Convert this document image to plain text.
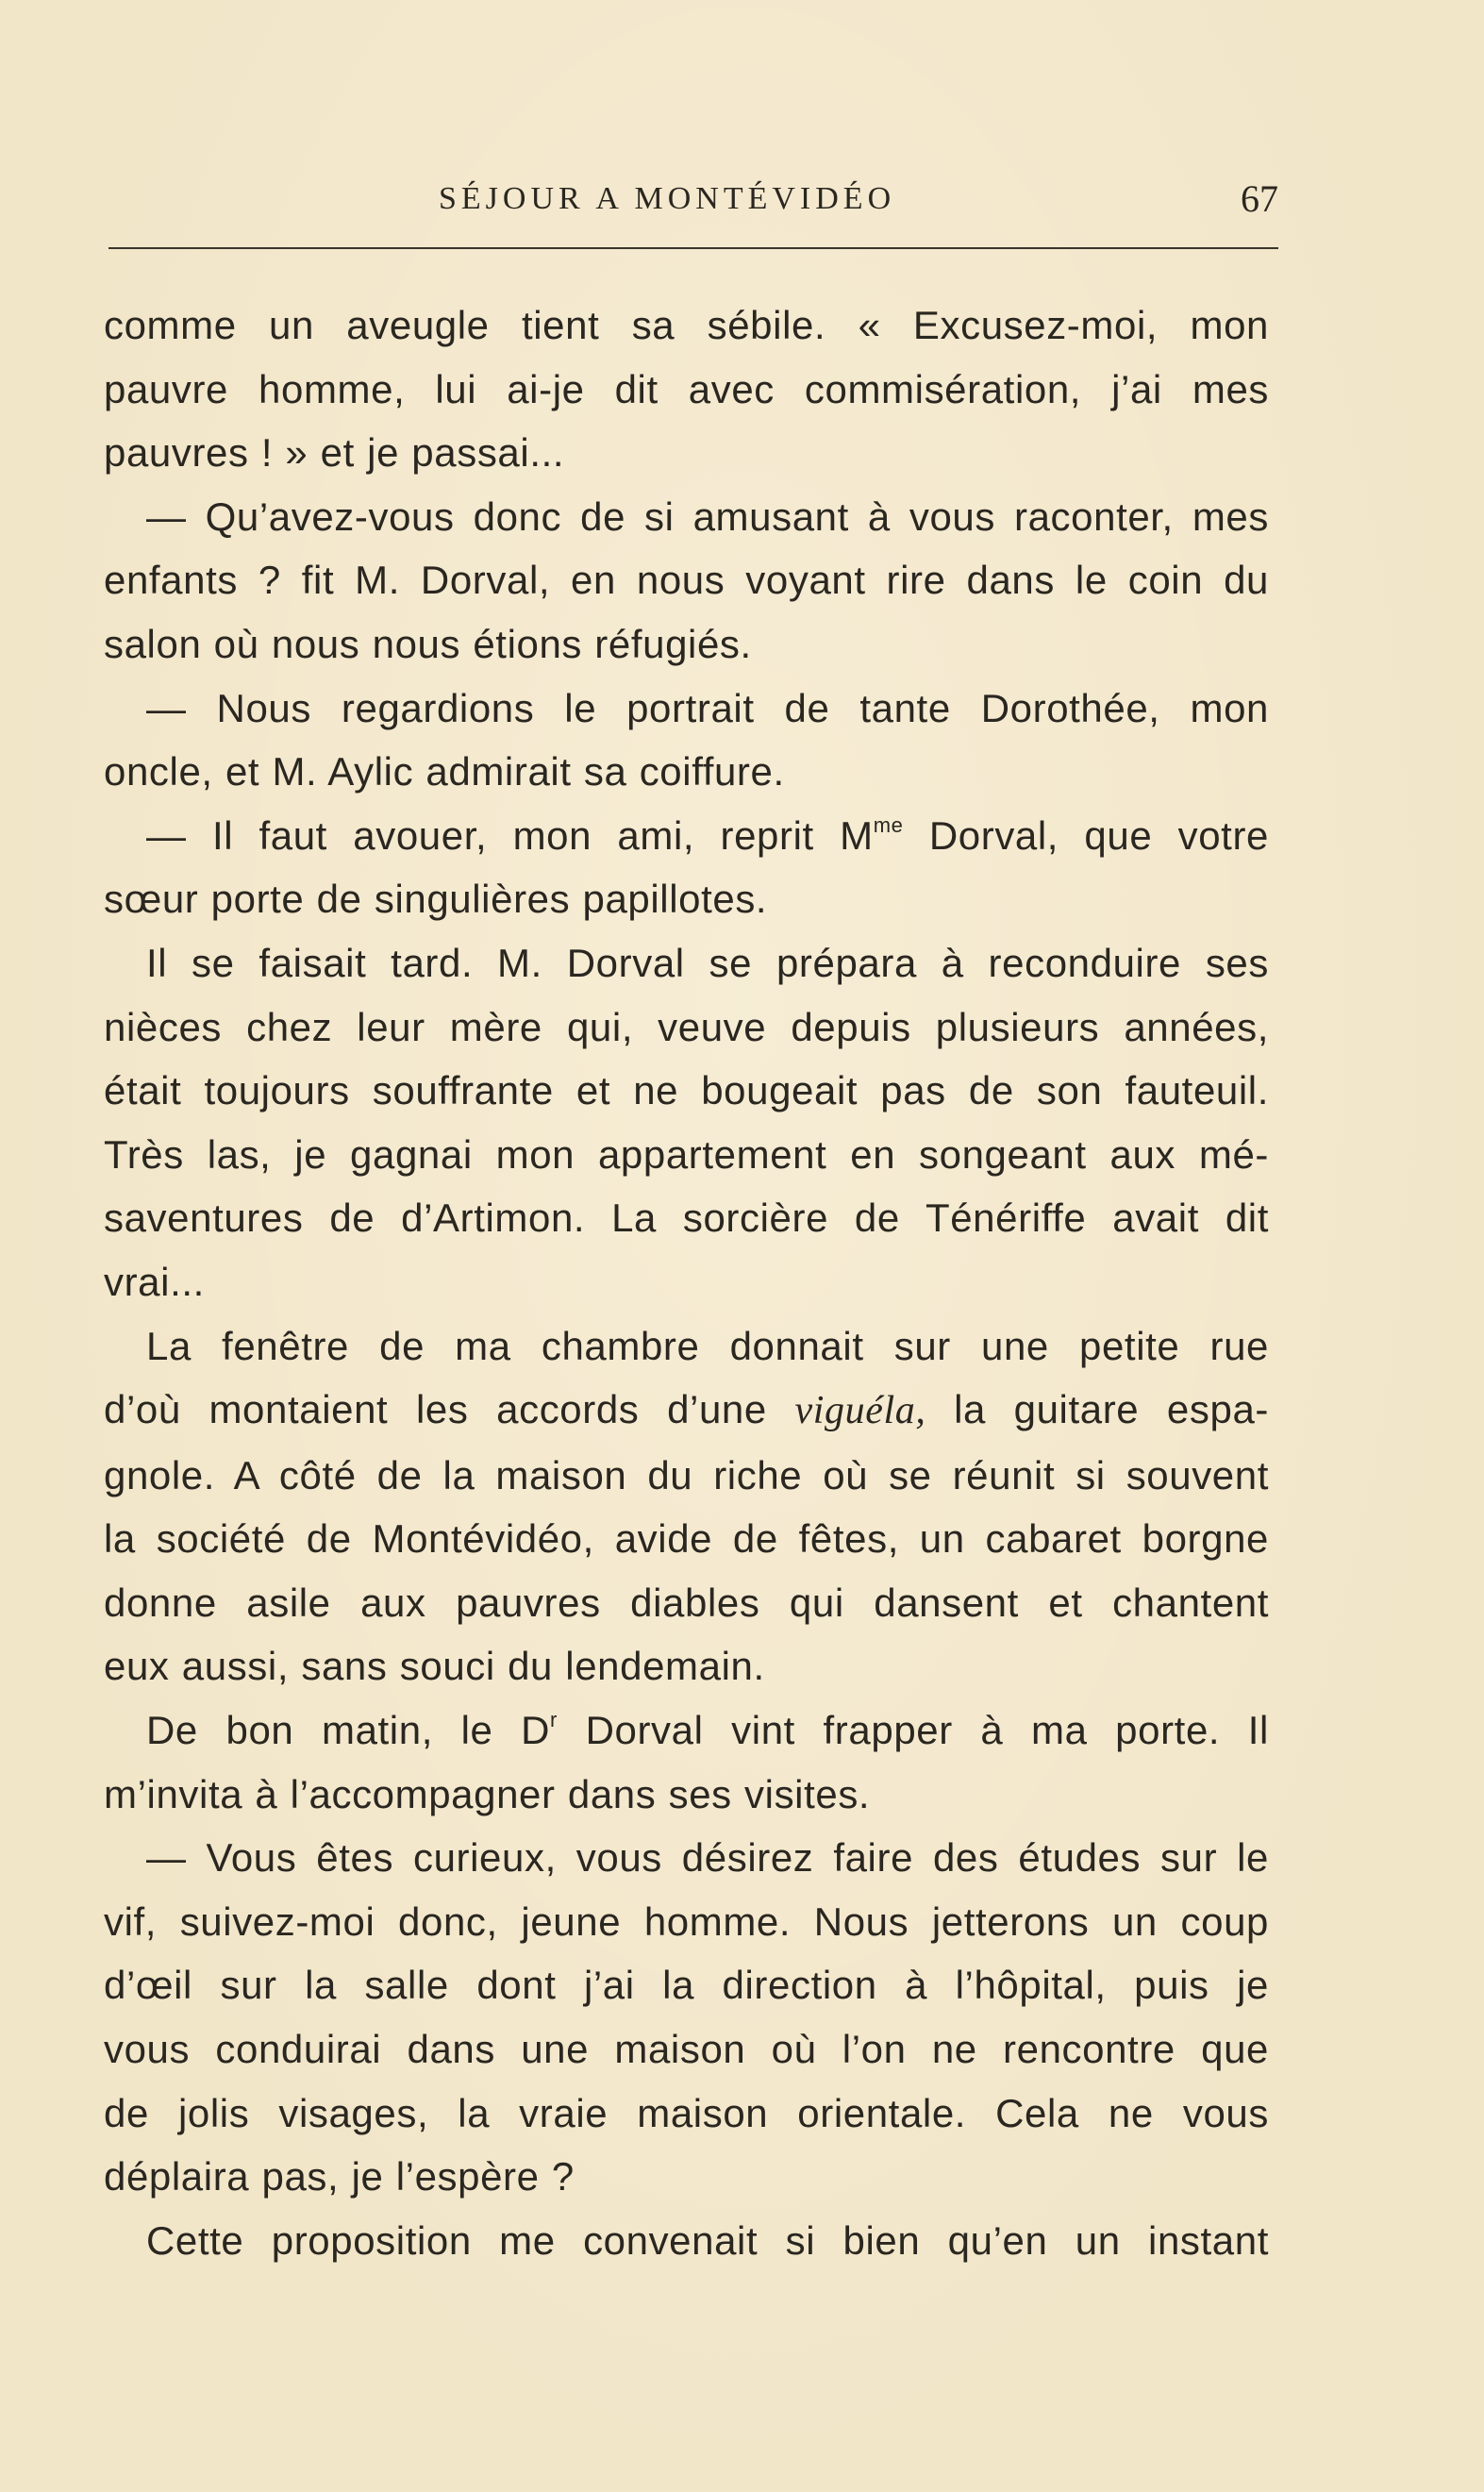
SÉJOUR A MONTÉVIDÉO	67

comme un aveugle tient sa sébile. « Excusez-moi, mon

pauvre homme, lui ai-je dit avec commisération, j’ai mes

pauvres ! » et je passai...

— Qu’avez-vous donc de si amusant à vous raconter, mes

enfants ? fit M. Dorval, en nous voyant rire dans le coin du

salon où nous nous étions réfugiés.

— Nous regardions le portrait de tante Dorothée, mon

oncle, et M. Aylic admirait sa coiffure.

— Il faut avouer, mon ami, reprit $M^{me}$ Dorval, que votre

sœur porte de singulières papillotes.

Il se faisait tard. M. Dorval se prépara à reconduire ses

nièces chez leur mère qui, veuve depuis plusieurs années,

était toujours souffrante et ne bougeait pas de son fauteuil.

Très las, je gagnai mon appartement en songeant aux mé-

saventures de d’Artimon. La sorcière de Ténériffe avait dit

vrai...

La fenêtre de ma chambre donnait sur une petite rue

d’où montaient les accords d’une viguéla, la guitare espa-

gnole. A côté de la maison du riche où se réunit si souvent

la société de Montévidéo, avide de fêtes, un cabaret borgne

donne asile aux pauvres diables qui dansent et chantent

eux aussi, sans souci du lendemain.

De bon matin, le $D^r$ Dorval vint frapper à ma porte. Il

m’invita à l’accompagner dans ses visites.

— Vous êtes curieux, vous désirez faire des études sur le

vif, suivez-moi donc, jeune homme. Nous jetterons un coup

d’œil sur la salle dont j’ai la direction à l’hôpital, puis je

vous conduirai dans une maison où l’on ne rencontre que

de jolis visages, la vraie maison orientale. Cela ne vous

déplaira pas, je l’espère ?

Cette proposition me convenait si bien qu’en un instant
